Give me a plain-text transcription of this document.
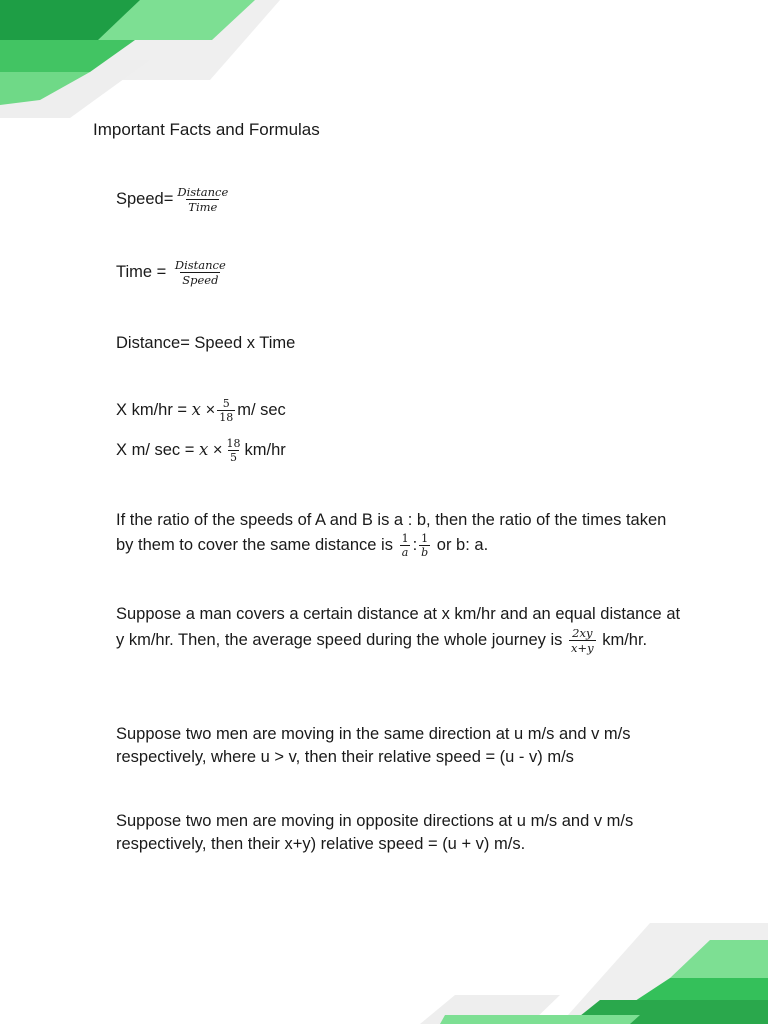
Important Facts and Formulas
Speed= $\frac{\text{Distance}}{\text{Time}}$
Time = $\frac{\text{Distance}}{\text{Speed}}$
Distance= Speed x Time
X $km/hr = x \times \frac{5}{18} m/$ sec
X m/ $\sec = x \times \frac{18}{5} km/hr$
If the ratio of the speeds of A and B is a : b, then the ratio of the times taken by them to cover the same distance is $\frac{1}{a}$ : $\frac{1}{b}$ or b: a.
Suppose a man covers a certain distance at x km/hr and an equal distance at y km/hr. Then, the average speed during the whole journey is $\frac{2xy}{x+y} km/hr$.
Suppose two men are moving in the same direction at u m/s and v m/s respectively, where u > v, then their relative speed = (u - v) m/s
Suppose two men are moving in opposite directions at u m/s and v m/s respectively, then their x+y) relative speed = (u + v) m/s.
